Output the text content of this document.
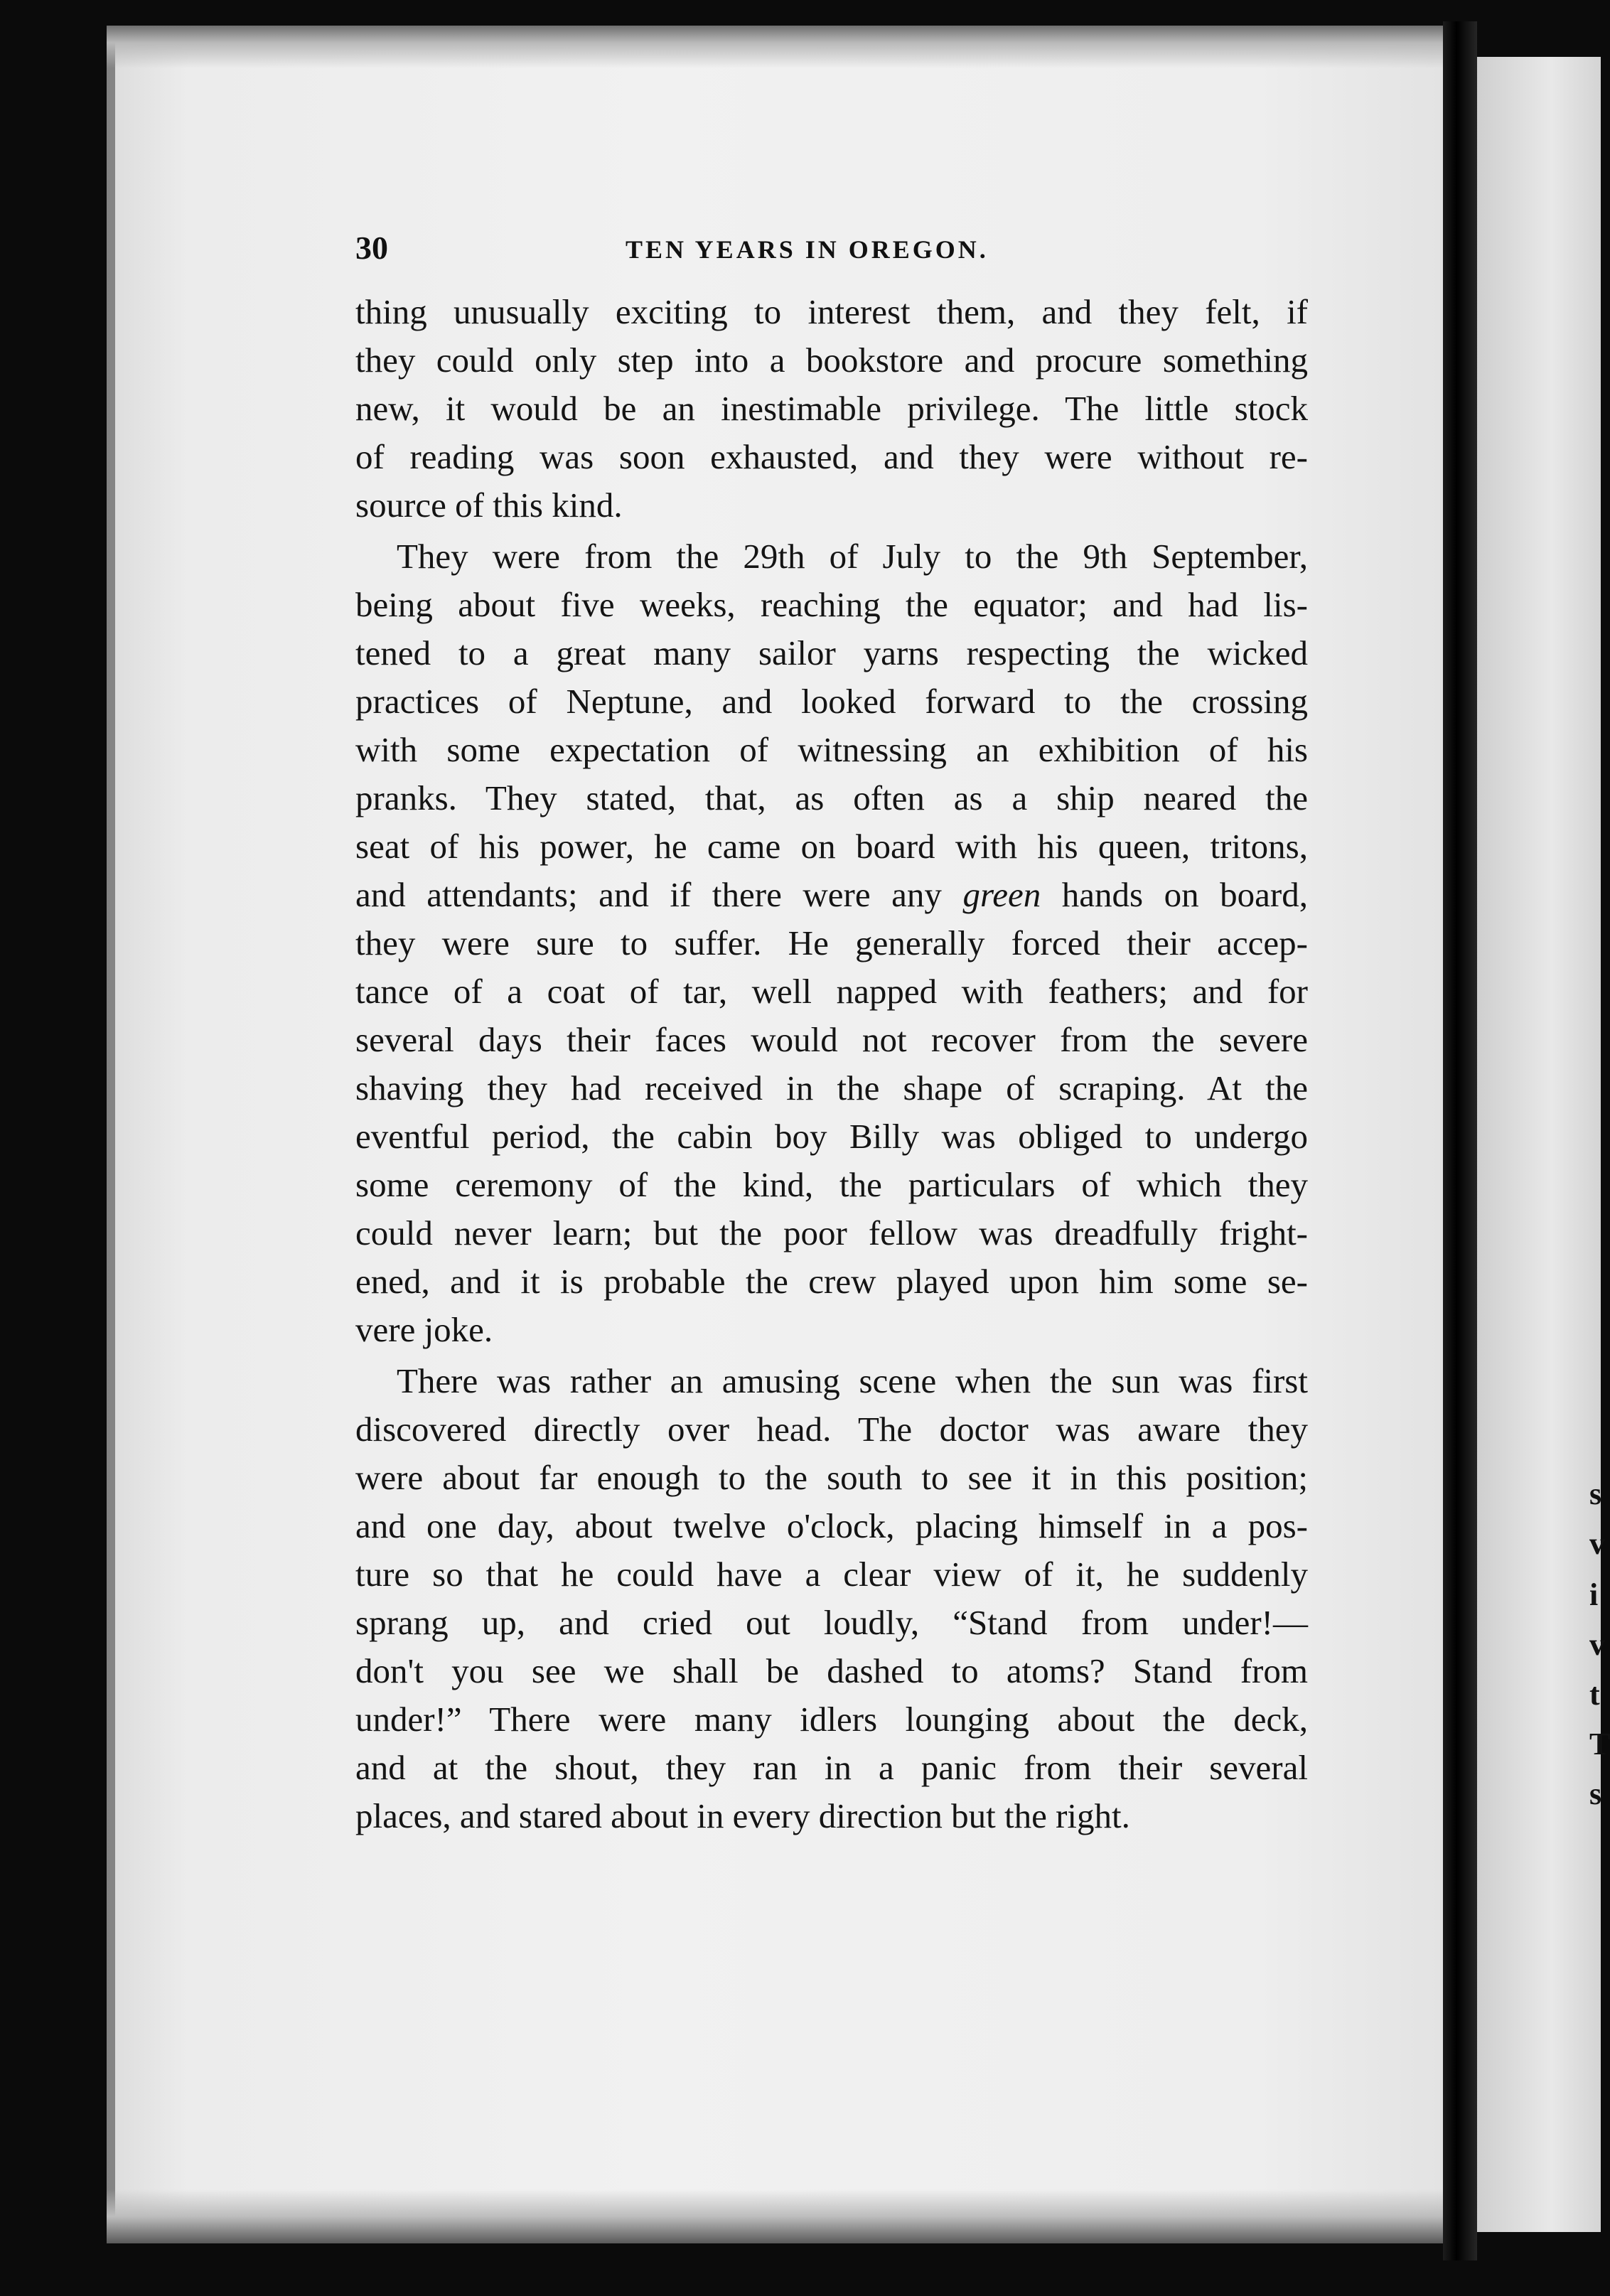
s
v
i
v
t
T
s
30	TEN YEARS IN OREGON.
thing unusually exciting to interest them, and they felt, if
they could only step into a bookstore and procure something
new, it would be an inestimable privilege. The little stock
of reading was soon exhausted, and they were without re-
source of this kind.
They were from the 29th of July to the 9th September,
being about five weeks, reaching the equator; and had lis-
tened to a great many sailor yarns respecting the wicked
practices of Neptune, and looked forward to the crossing
with some expectation of witnessing an exhibition of his
pranks. They stated, that, as often as a ship neared the
seat of his power, he came on board with his queen, tritons,
and attendants; and if there were any green hands on board,
they were sure to suffer. He generally forced their accep-
tance of a coat of tar, well napped with feathers; and for
several days their faces would not recover from the severe
shaving they had received in the shape of scraping. At the
eventful period, the cabin boy Billy was obliged to undergo
some ceremony of the kind, the particulars of which they
could never learn; but the poor fellow was dreadfully fright-
ened, and it is probable the crew played upon him some se-
vere joke.
There was rather an amusing scene when the sun was first
discovered directly over head. The doctor was aware they
were about far enough to the south to see it in this position;
and one day, about twelve o'clock, placing himself in a pos-
ture so that he could have a clear view of it, he suddenly
sprang up, and cried out loudly, “Stand from under!—
don't you see we shall be dashed to atoms? Stand from
under!” There were many idlers lounging about the deck,
and at the shout, they ran in a panic from their several
places, and stared about in every direction but the right.
